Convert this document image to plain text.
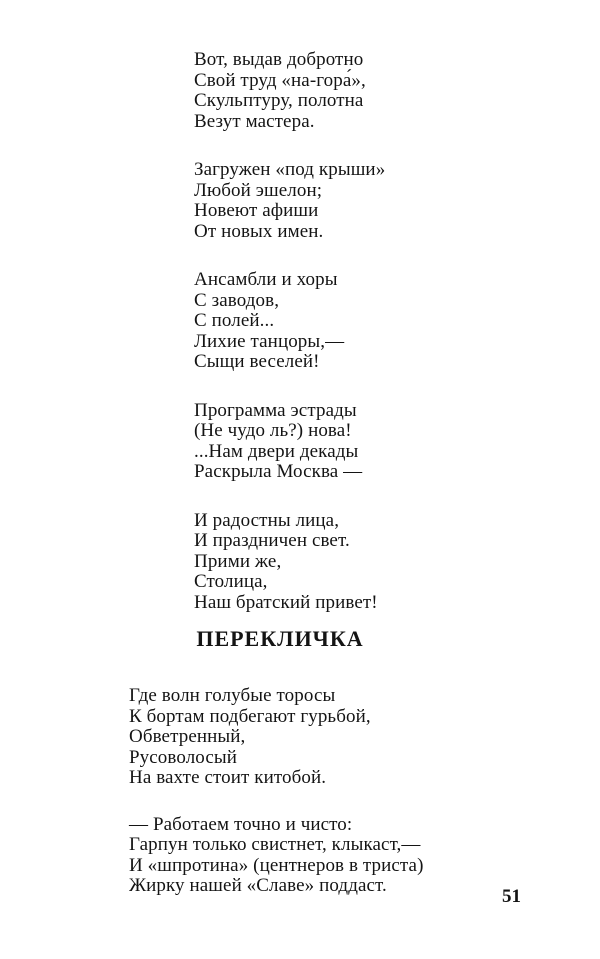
Вот, выдав добротно
Свой труд «на-гора́»,
Скульптуру, полотна
Везут мастера.
Загружен «под крыши»
Любой эшелон;
Новеют афиши
От новых имен.
Ансамбли и хоры
С заводов,
С полей...
Лихие танцоры,—
Сыщи веселей!
Программа эстрады
(Не чудо ль?) нова!
...Нам двери декады
Раскрыла Москва —
И радостны лица,
И праздничен свет.
Прими же,
Столица,
Наш братский привет!
ПЕРЕКЛИЧКА
Где волн голубые торосы
К бортам подбегают гурьбой,
Обветренный,
Русоволосый
На вахте стоит китобой.
— Работаем точно и чисто:
Гарпун только свистнет, клыкаст,—
И «шпротина» (центнеров в триста)
Жирку нашей «Славе» поддаст.
51
